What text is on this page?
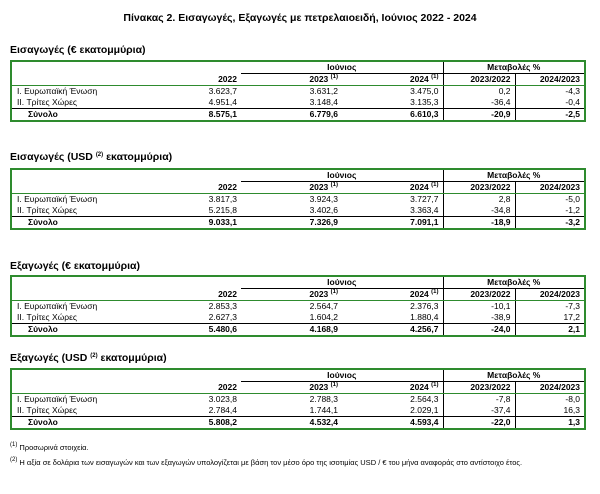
Πίνακας 2. Εισαγωγές, Εξαγωγές με πετρελαιοειδή, Ιούνιος 2022 - 2024
Εισαγωγές (€ εκατομμύρια)
		Ιούνιος		Μεταβολές %	
	2022	2023 $^{(1)}$	2024 $^{(1)}$	2023/2022	2024/2023
I. Ευρωπαϊκή Ένωση	3.623,7	3.631,2	3.475,0	0,2	-4,3
II. Τρίτες Χώρες	4.951,4	3.148,4	3.135,3	-36,4	-0,4
Σύνολο	8.575,1	6.779,6	6.610,3	-20,9	-2,5
Εισαγωγές (USD $^{(2)}$ εκατομμύρια)
		Ιούνιος		Μεταβολές %	
	2022	2023 $^{(1)}$	2024 $^{(1)}$	2023/2022	2024/2023
I. Ευρωπαϊκή Ένωση	3.817,3	3.924,3	3.727,7	2,8	-5,0
II. Τρίτες Χώρες	5.215,8	3.402,6	3.363,4	-34,8	-1,2
Σύνολο	9.033,1	7.326,9	7.091,1	-18,9	-3,2
Εξαγωγές (€ εκατομμύρια)
		Ιούνιος		Μεταβολές %	
	2022	2023 $^{(1)}$	2024 $^{(1)}$	2023/2022	2024/2023
I. Ευρωπαϊκή Ένωση	2.853,3	2.564,7	2.376,3	-10,1	-7,3
II. Τρίτες Χώρες	2.627,3	1.604,2	1.880,4	-38,9	17,2
Σύνολο	5.480,6	4.168,9	4.256,7	-24,0	2,1
Εξαγωγές (USD $^{(2)}$ εκατομμύρια)
		Ιούνιος		Μεταβολές %	
	2022	2023 $^{(1)}$	2024 $^{(1)}$	2023/2022	2024/2023
I. Ευρωπαϊκή Ένωση	3.023,8	2.788,3	2.564,3	-7,8	-8,0
II. Τρίτες Χώρες	2.784,4	1.744,1	2.029,1	-37,4	16,3
Σύνολο	5.808,2	4.532,4	4.593,4	-22,0	1,3
$^{(1)}$ Προσωρινά στοιχεία.
$^{(2)}$ Η αξία σε δολάρια των εισαγωγών και των εξαγωγών υπολογίζεται με βάση τον μέσο όρο της ισοτιμίας USD / € του μήνα αναφοράς στο αντίστοιχο έτος.
